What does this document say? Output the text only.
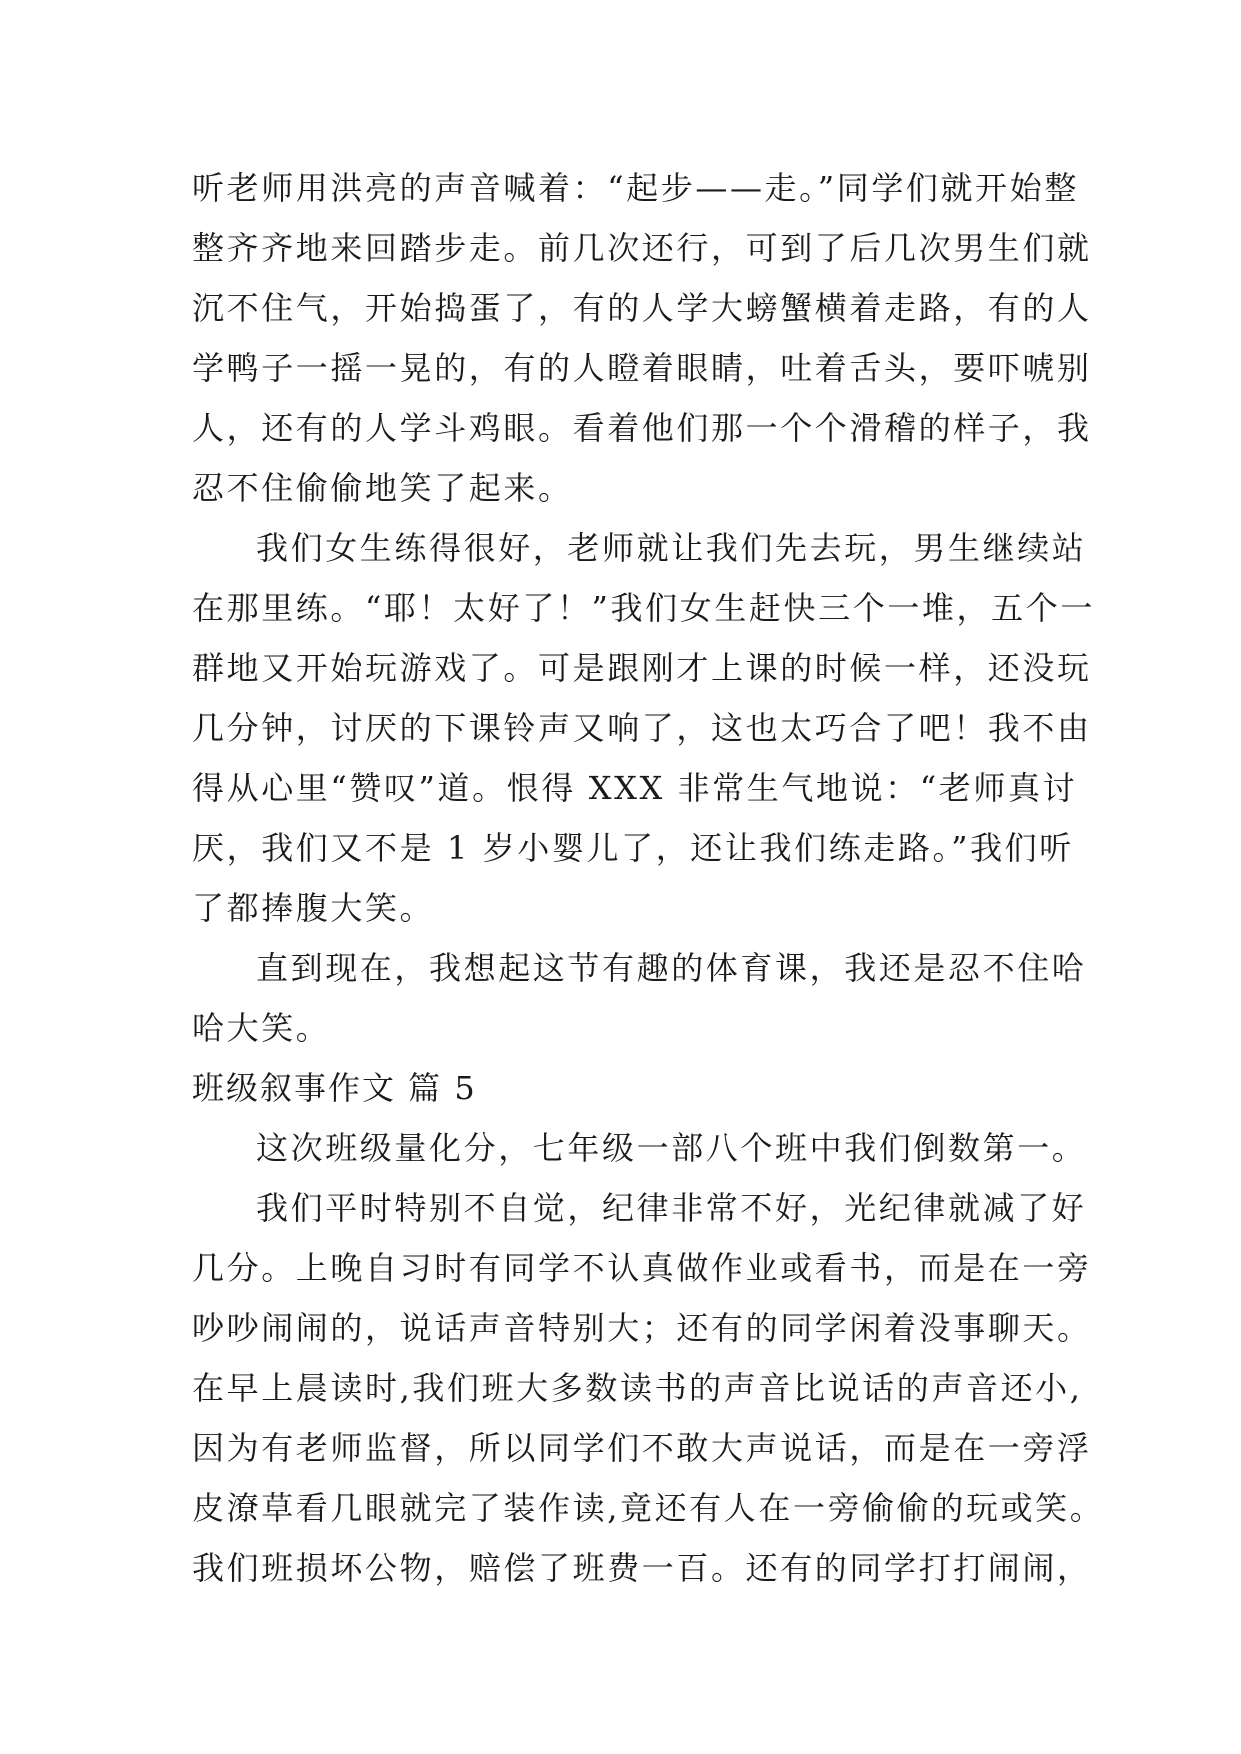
听老师用洪亮的声音喊着：“起步——走。”同学们就开始整
整齐齐地来回踏步走。前几次还行，可到了后几次男生们就
沉不住气，开始捣蛋了，有的人学大螃蟹横着走路，有的人
学鸭子一摇一晃的，有的人瞪着眼睛，吐着舌头，要吓唬别
人，还有的人学斗鸡眼。看着他们那一个个滑稽的样子，我
忍不住偷偷地笑了起来。
我们女生练得很好，老师就让我们先去玩，男生继续站
在那里练。“耶！太好了！”我们女生赶快三个一堆，五个一
群地又开始玩游戏了。可是跟刚才上课的时候一样，还没玩
几分钟，讨厌的下课铃声又响了，这也太巧合了吧！我不由
得从心里“赞叹”道。恨得 XXX 非常生气地说：“老师真讨
厌，我们又不是 1 岁小婴儿了，还让我们练走路。”我们听
了都捧腹大笑。
直到现在，我想起这节有趣的体育课，我还是忍不住哈
哈大笑。
班级叙事作文 篇 5
这次班级量化分，七年级一部八个班中我们倒数第一。
我们平时特别不自觉，纪律非常不好，光纪律就减了好
几分。上晚自习时有同学不认真做作业或看书，而是在一旁
吵吵闹闹的，说话声音特别大；还有的同学闲着没事聊天。
在早上晨读时,我们班大多数读书的声音比说话的声音还小,
因为有老师监督，所以同学们不敢大声说话，而是在一旁浮
皮潦草看几眼就完了装作读,竟还有人在一旁偷偷的玩或笑。
我们班损坏公物，赔偿了班费一百。还有的同学打打闹闹，
